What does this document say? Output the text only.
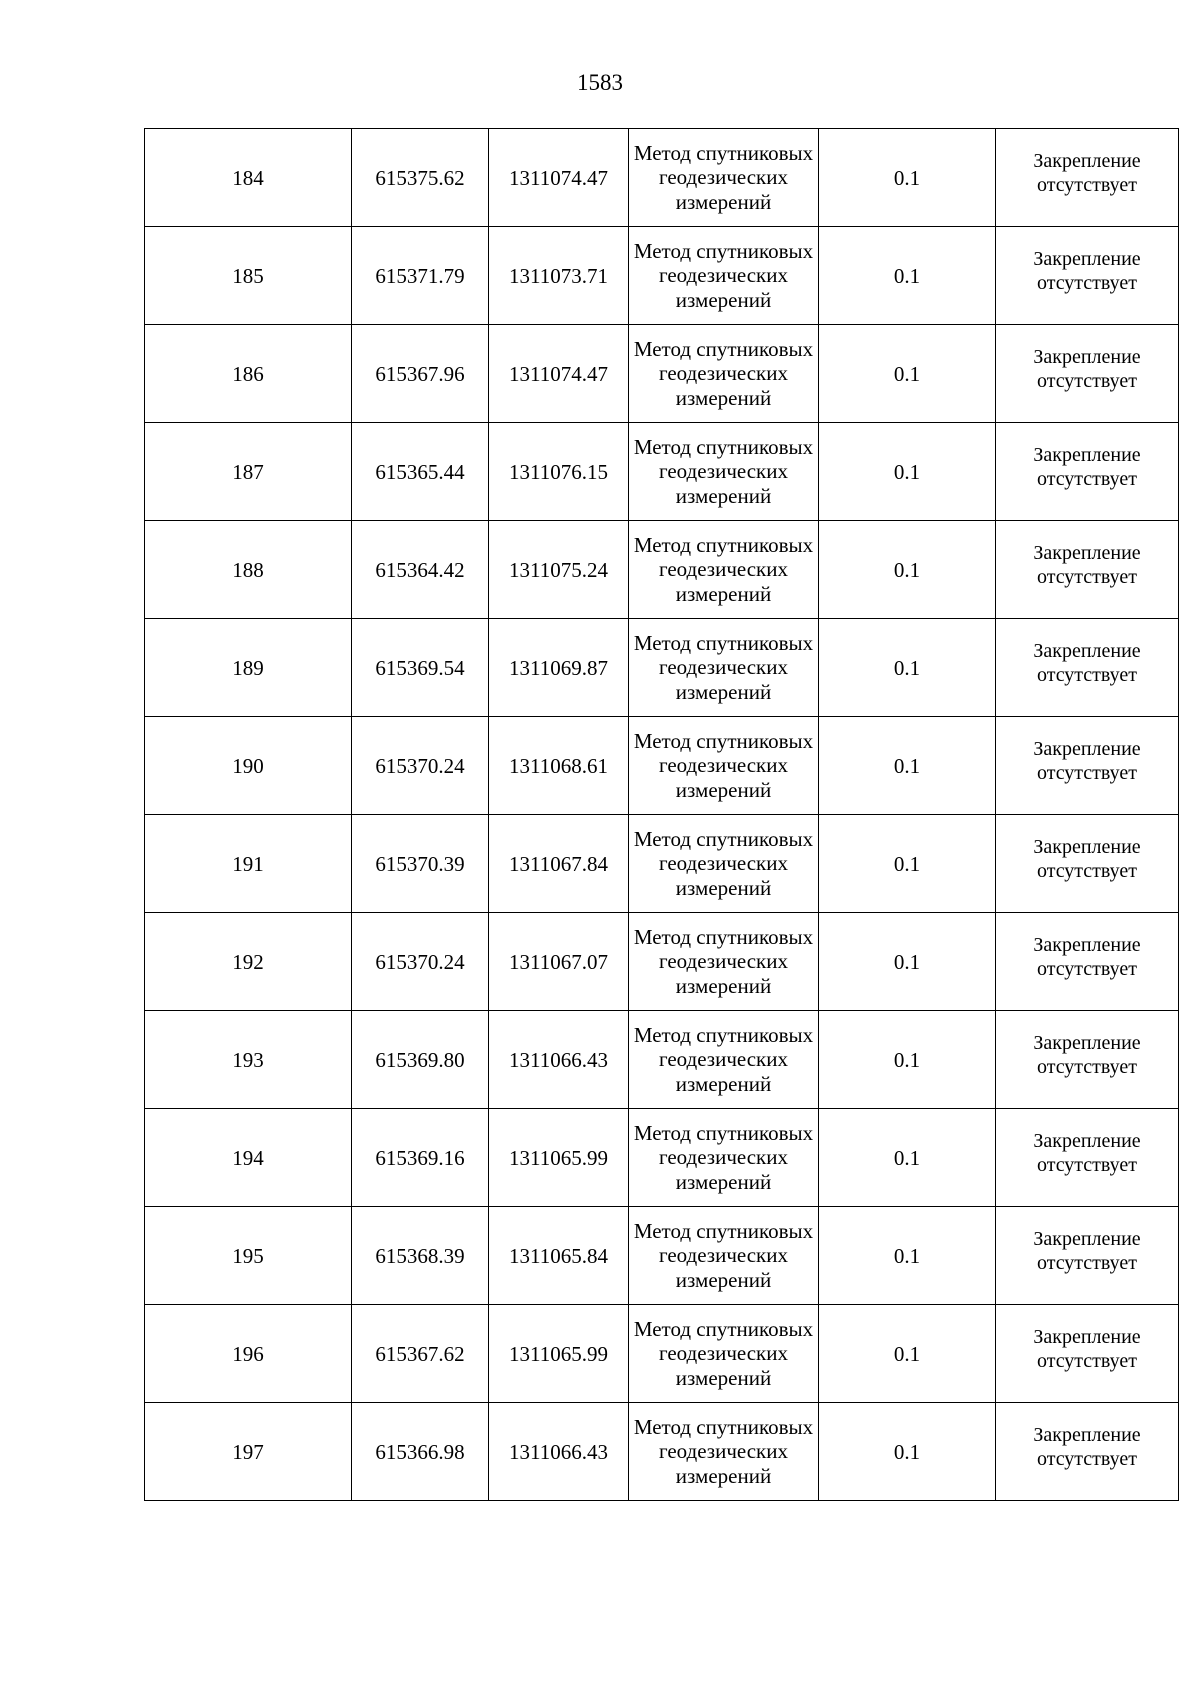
1583
184	615375.62	1311074.47	Метод спутниковых геодезических измерений	0.1	Закрепление отсутствует
185	615371.79	1311073.71	Метод спутниковых геодезических измерений	0.1	Закрепление отсутствует
186	615367.96	1311074.47	Метод спутниковых геодезических измерений	0.1	Закрепление отсутствует
187	615365.44	1311076.15	Метод спутниковых геодезических измерений	0.1	Закрепление отсутствует
188	615364.42	1311075.24	Метод спутниковых геодезических измерений	0.1	Закрепление отсутствует
189	615369.54	1311069.87	Метод спутниковых геодезических измерений	0.1	Закрепление отсутствует
190	615370.24	1311068.61	Метод спутниковых геодезических измерений	0.1	Закрепление отсутствует
191	615370.39	1311067.84	Метод спутниковых геодезических измерений	0.1	Закрепление отсутствует
192	615370.24	1311067.07	Метод спутниковых геодезических измерений	0.1	Закрепление отсутствует
193	615369.80	1311066.43	Метод спутниковых геодезических измерений	0.1	Закрепление отсутствует
194	615369.16	1311065.99	Метод спутниковых геодезических измерений	0.1	Закрепление отсутствует
195	615368.39	1311065.84	Метод спутниковых геодезических измерений	0.1	Закрепление отсутствует
196	615367.62	1311065.99	Метод спутниковых геодезических измерений	0.1	Закрепление отсутствует
197	615366.98	1311066.43	Метод спутниковых геодезических измерений	0.1	Закрепление отсутствует
